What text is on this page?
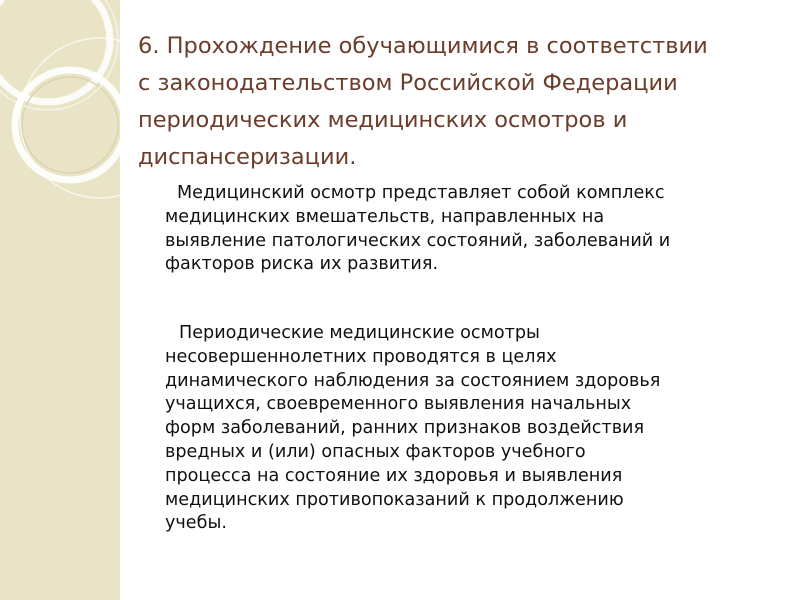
6. Прохождение обучающимися в соответствии
с законодательством Российской Федерации
периодических медицинских осмотров и
диспансеризации.

Медицинский осмотр представляет собой комплекс
медицинских вмешательств, направленных на
выявление патологических состояний, заболеваний и
факторов риска их развития.

Периодические медицинские осмотры
несовершеннолетних проводятся в целях
динамического наблюдения за состоянием здоровья
учащихся, своевременного выявления начальных
форм заболеваний, ранних признаков воздействия
вредных и (или) опасных факторов учебного
процесса на состояние их здоровья и выявления
медицинских противопоказаний к продолжению
учебы.
